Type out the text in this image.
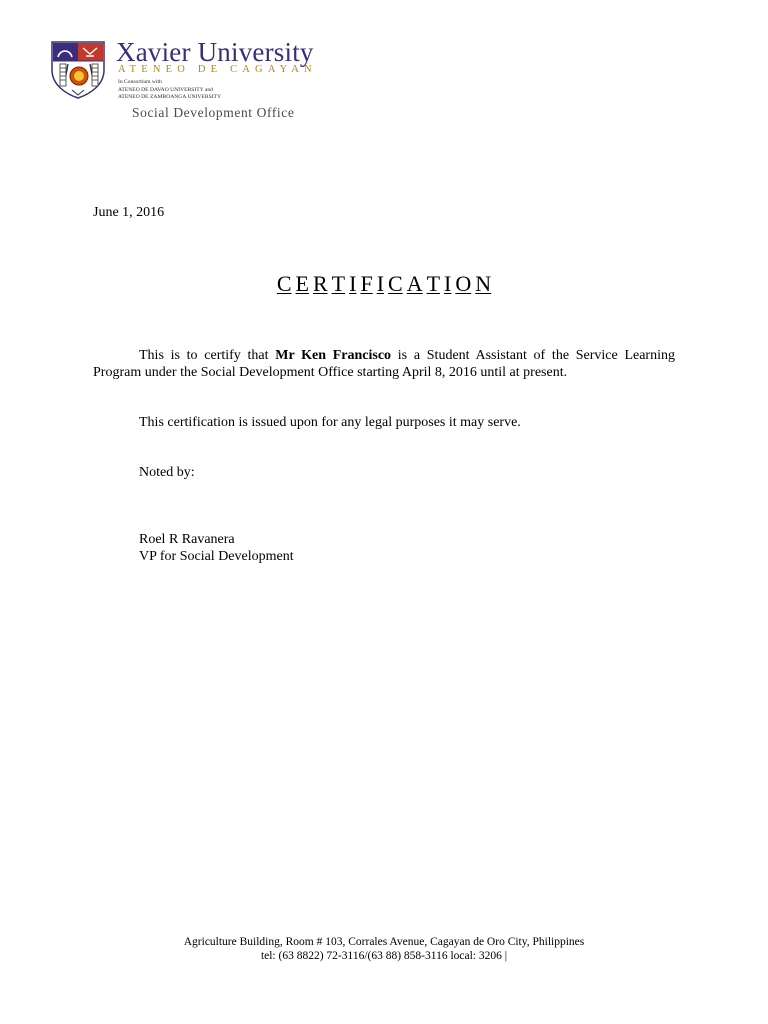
Xavier University
ATENEO DE CAGAYAN
In Consortium with
ATENEO DE DAVAO UNIVERSITY and
ATENEO DE ZAMBOANGA UNIVERSITY
Social Development Office
June 1, 2016
C E R T I F I C A T I O N
This is to certify that Mr Ken Francisco is a Student Assistant of the Service Learning Program under the Social Development Office starting April 8, 2016 until at present.
This certification is issued upon for any legal purposes it may serve.
Noted by:
Roel R Ravanera
VP for Social Development
Agriculture Building, Room # 103, Corrales Avenue, Cagayan de Oro City, Philippines
tel: (63 8822) 72-3116/(63 88) 858-3116 local: 3206 |
